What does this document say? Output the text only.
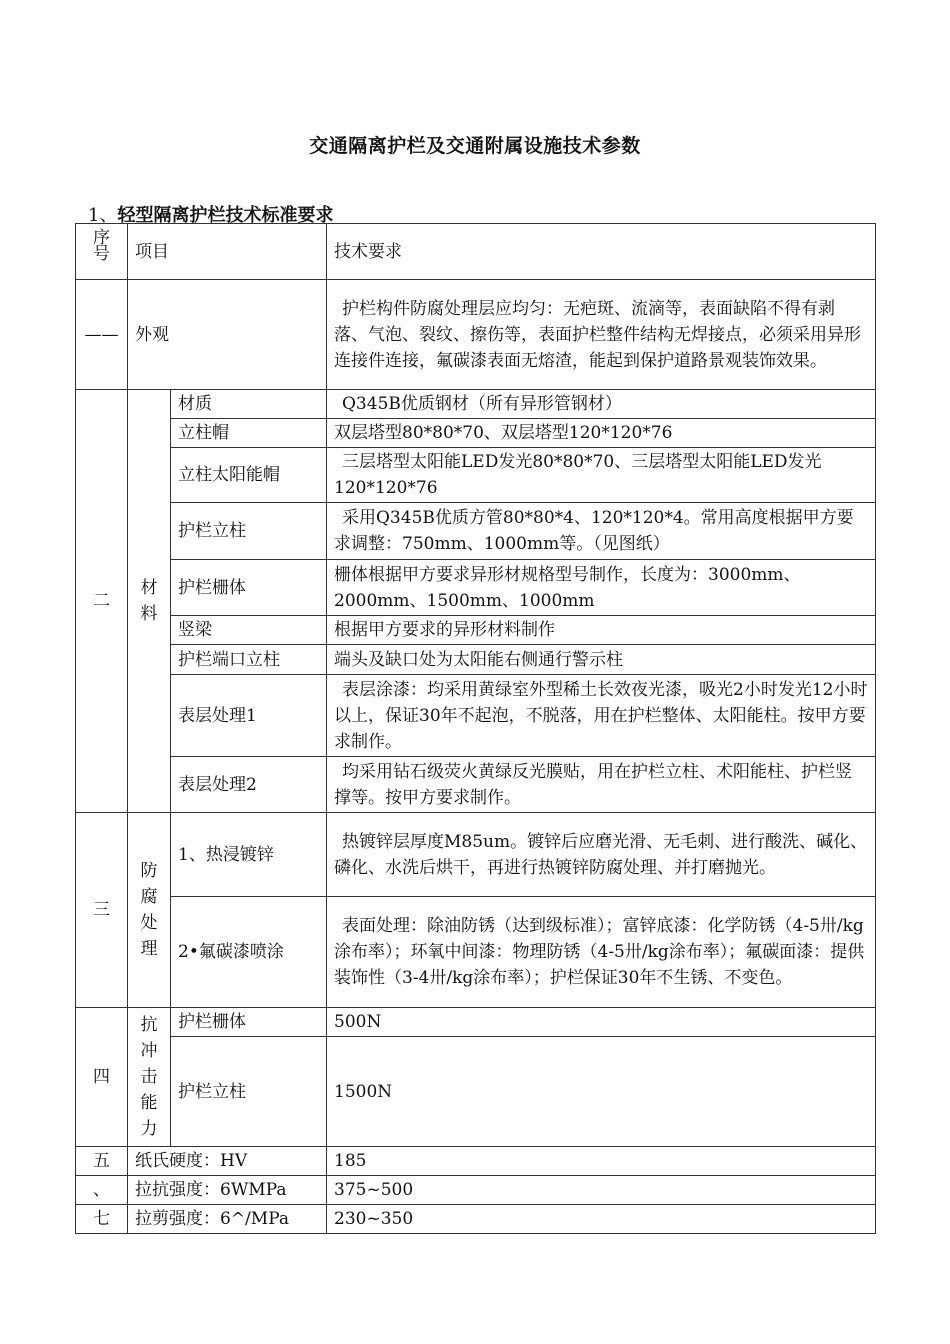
交通隔离护栏及交通附属设施技术参数
1、轻型隔离护栏技术标准要求
序号	项目		技术要求
——	外观		护栏构件防腐处理层应均匀：无疤斑、流滴等，表面缺陷不得有剥落、气泡、裂纹、擦伤等，表面护栏整件结构无焊接点，必须采用异形连接件连接，氟碳漆表面无熔渣，能起到保护道路景观装饰效果。
二	材料	材质	Q345B优质钢材（所有异形管钢材）
		立柱帽	双层塔型80*80*70、双层塔型120*120*76
		立柱太阳能帽	三层塔型太阳能LED发光80*80*70、三层塔型太阳能LED发光120*120*76
		护栏立柱	采用Q345B优质方管80*80*4、120*120*4。常用高度根据甲方要求调整：750mm、1000mm等。（见图纸）
		护栏栅体	栅体根据甲方要求异形材规格型号制作，长度为：3000mm、2000mm、1500mm、1000mm
		竖梁	根据甲方要求的异形材料制作
		护栏端口立柱	端头及缺口处为太阳能右侧通行警示柱
		表层处理1	表层涂漆：均采用黄绿室外型稀土长效夜光漆，吸光2小时发光12小时以上，保证30年不起泡，不脱落，用在护栏整体、太阳能柱。按甲方要求制作。
		表层处理2	均采用钻石级荧火黄绿反光膜贴，用在护栏立柱、术阳能柱、护栏竖撑等。按甲方要求制作。
三	防腐处理	1、热浸镀锌	热镀锌层厚度M85um。镀锌后应磨光滑、无毛刺、进行酸洗、碱化、磷化、水洗后烘干，再进行热镀锌防腐处理、并打磨抛光。
		2•氟碳漆喷涂	表面处理：除油防锈（达到级标准）；富锌底漆：化学防锈（4-5卅/kg涂布率）；环氧中间漆：物理防锈（4-5卅/kg涂布率）；氟碳面漆：提供装饰性（3-4卅/kg涂布率）；护栏保证30年不生锈、不变色。
四	抗冲击能力	护栏栅体	500N
		护栏立柱	1500N
五	纸氏硬度：HV		185
、	拉抗强度：6WMPa		375~500
七	拉剪强度：6^/MPa		230~350
